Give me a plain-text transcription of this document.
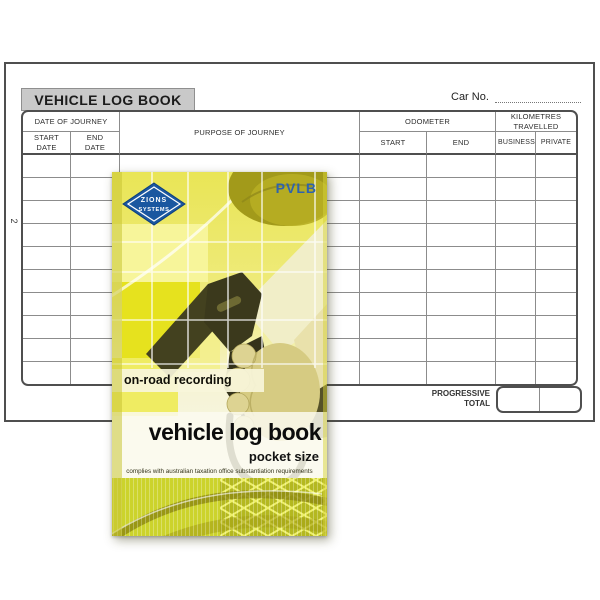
VEHICLE LOG BOOK	Car No.
2
DATE OF JOURNEY		PURPOSE OF JOURNEY	ODOMETER		KILOMETRES TRAVELLED	
START DATE	END DATE		START	END	BUSINESS	PRIVATE

PROGRESSIVE
TOTAL
ZIONS
SYSTEMS
PVLB
on-road recording
vehicle log book
pocket size
complies with australian taxation office substantiation requirements
